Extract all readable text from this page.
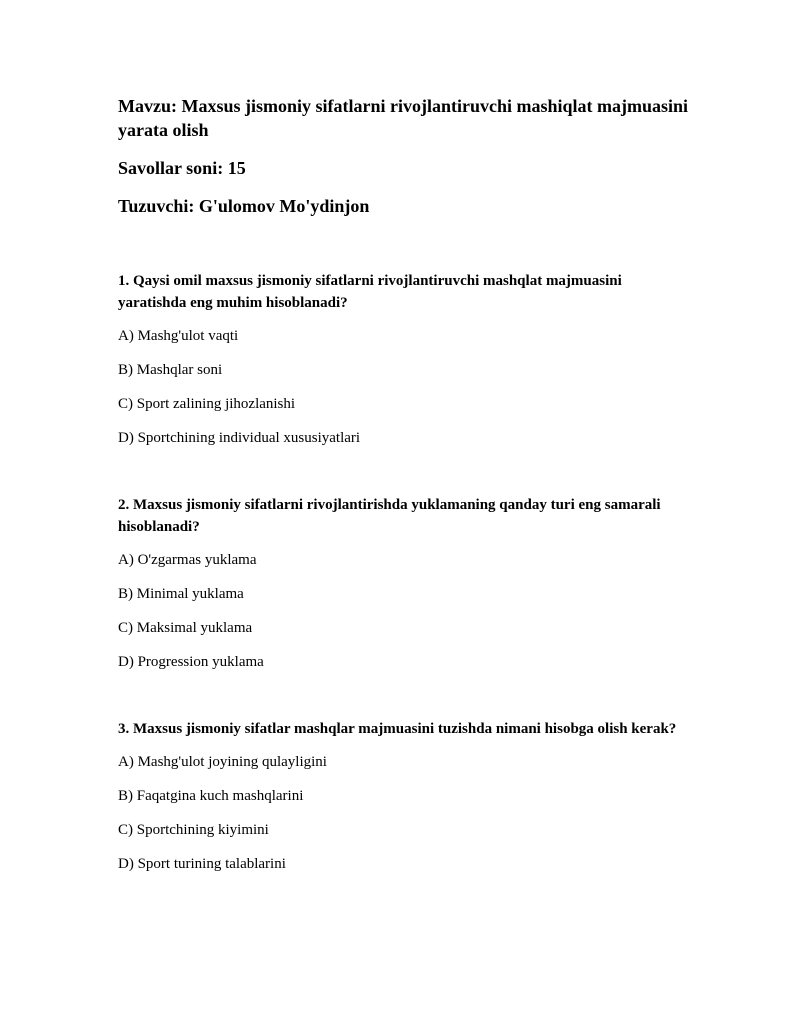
Mavzu: Maxsus jismoniy sifatlarni rivojlantiruvchi mashiqlat majmuasini yarata olish

Savollar soni: 15

Tuzuvchi: G'ulomov Mo'ydinjon

1. Qaysi omil maxsus jismoniy sifatlarni rivojlantiruvchi mashqlat majmuasini yaratishda eng muhim hisoblanadi?

A) Mashg'ulot vaqti

B) Mashqlar soni

C) Sport zalining jihozlanishi

D) Sportchining individual xususiyatlari

2. Maxsus jismoniy sifatlarni rivojlantirishda yuklamaning qanday turi eng samarali hisoblanadi?

A) O'zgarmas yuklama

B) Minimal yuklama

C) Maksimal yuklama

D) Progression yuklama

3. Maxsus jismoniy sifatlar mashqlar majmuasini tuzishda nimani hisobga olish kerak?

A) Mashg'ulot joyining qulayligini

B) Faqatgina kuch mashqlarini

C) Sportchining kiyimini

D) Sport turining talablarini
